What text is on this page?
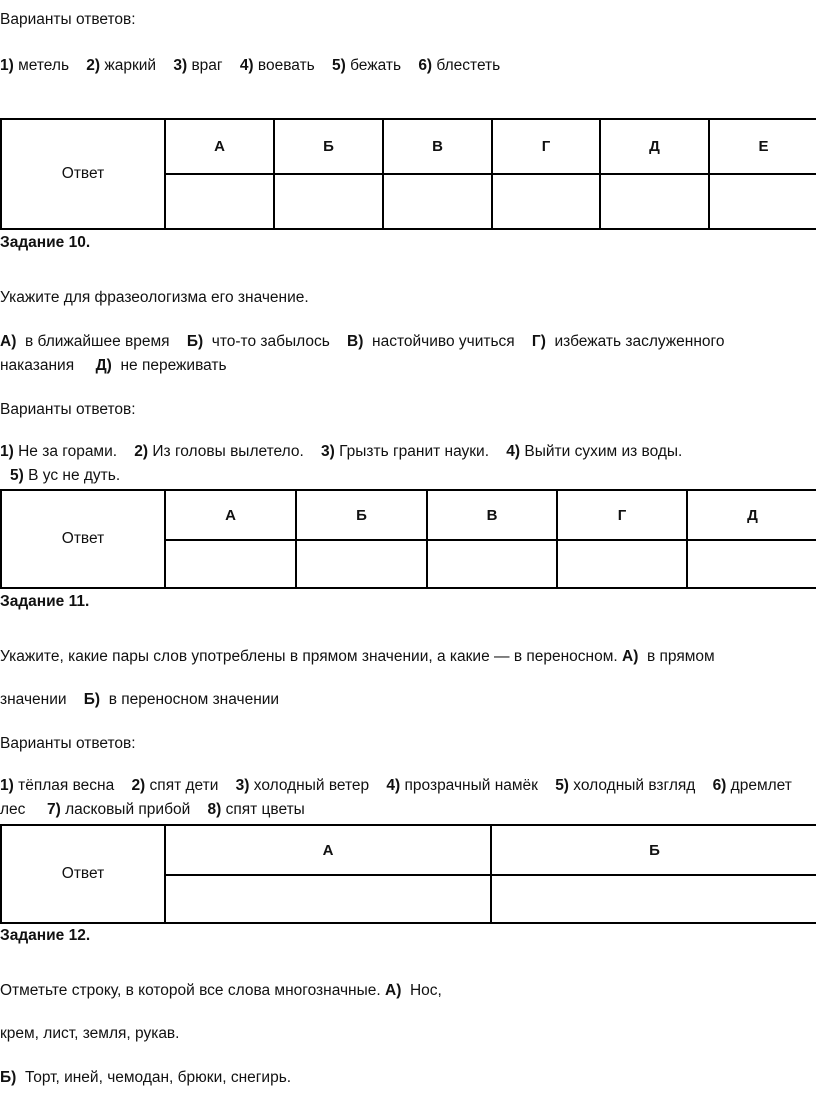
Варианты ответов:
1) метель 2) жаркий 3) враг 4) воевать 5) бежать 6) блестеть
Ответ	А	Б	В	Г	Д	Е

Задание 10.
Укажите для фразеологизма его значение.
А) в ближайшее время Б) что-то забылось В) настойчиво учиться Г) избежать заслуженного
наказания Д) не переживать
Варианты ответов:
1) Не за горами. 2) Из головы вылетело. 3) Грызть гранит науки. 4) Выйти сухим из воды.
5) В ус не дуть.
Ответ	А	Б	В	Г	Д

Задание 11.
Укажите, какие пары слов употреблены в прямом значении, а какие — в переносном. А) в прямом
значении Б) в переносном значении
Варианты ответов:
1) тёплая весна 2) спят дети 3) холодный ветер 4) прозрачный намёк 5) холодный взгляд 6) дремлет
лес 7) ласковый прибой 8) спят цветы
Ответ	А	Б

Задание 12.
Отметьте строку, в которой все слова многозначные. А) Нос,
крем, лист, земля, рукав.
Б) Торт, иней, чемодан, брюки, снегирь.
